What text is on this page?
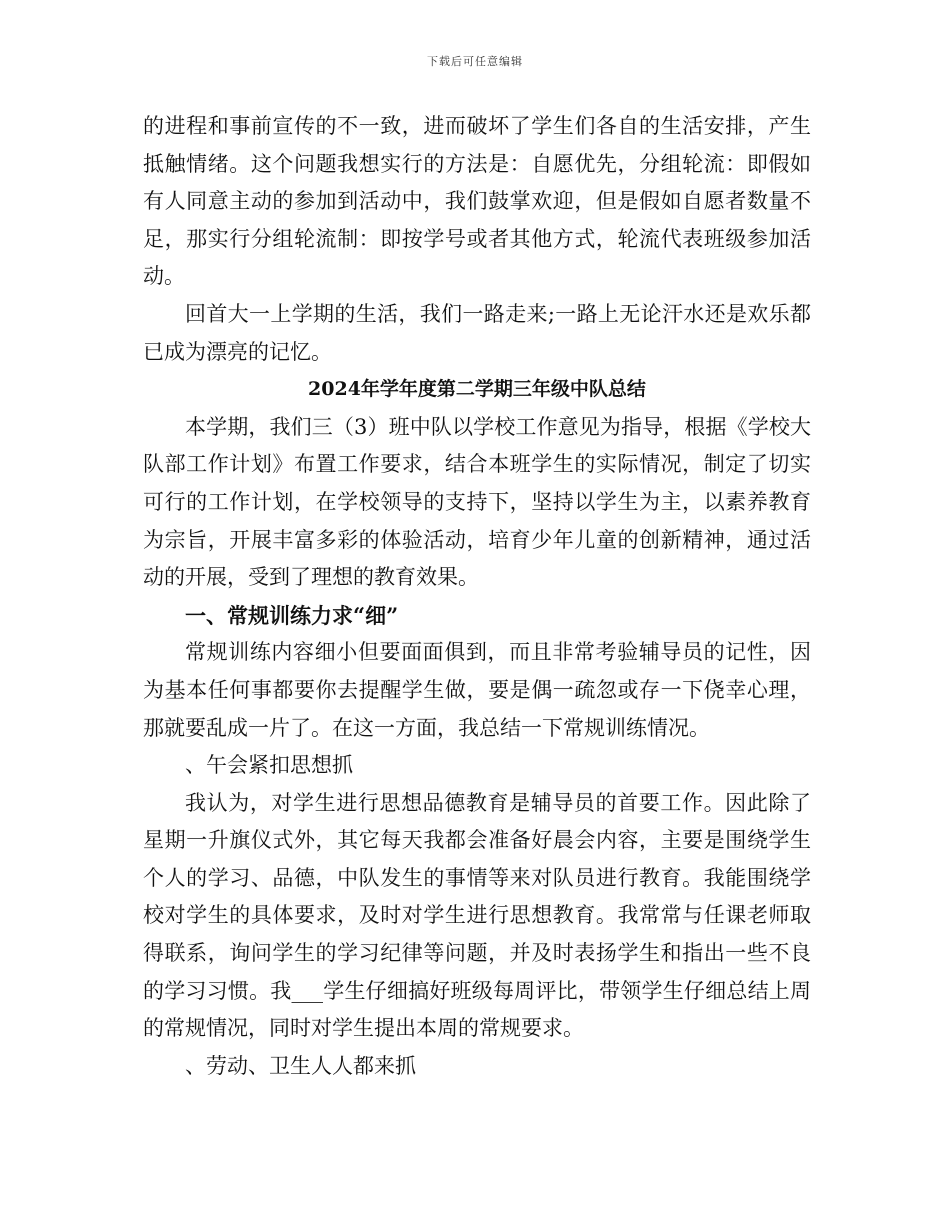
下载后可任意编辑

的进程和事前宣传的不一致，进而破坏了学生们各自的生活安排，产生抵触情绪。这个问题我想实行的方法是：自愿优先，分组轮流：即假如有人同意主动的参加到活动中，我们鼓掌欢迎，但是假如自愿者数量不足，那实行分组轮流制：即按学号或者其他方式，轮流代表班级参加活动。

回首大一上学期的生活，我们一路走来;一路上无论汗水还是欢乐都已成为漂亮的记忆。

2024年学年度第二学期三年级中队总结

本学期，我们三（3）班中队以学校工作意见为指导，根据《学校大队部工作计划》布置工作要求，结合本班学生的实际情况，制定了切实可行的工作计划，在学校领导的支持下，坚持以学生为主，以素养教育为宗旨，开展丰富多彩的体验活动，培育少年儿童的创新精神，通过活动的开展，受到了理想的教育效果。

一、常规训练力求“细”

常规训练内容细小但要面面俱到，而且非常考验辅导员的记性，因为基本任何事都要你去提醒学生做，要是偶一疏忽或存一下侥幸心理，那就要乱成一片了。在这一方面，我总结一下常规训练情况。

、午会紧扣思想抓

我认为，对学生进行思想品德教育是辅导员的首要工作。因此除了星期一升旗仪式外，其它每天我都会准备好晨会内容，主要是围绕学生个人的学习、品德，中队发生的事情等来对队员进行教育。我能围绕学校对学生的具体要求，及时对学生进行思想教育。我常常与任课老师取得联系，询问学生的学习纪律等问题，并及时表扬学生和指出一些不良的学习习惯。我___学生仔细搞好班级每周评比，带领学生仔细总结上周的常规情况，同时对学生提出本周的常规要求。

、劳动、卫生人人都来抓
